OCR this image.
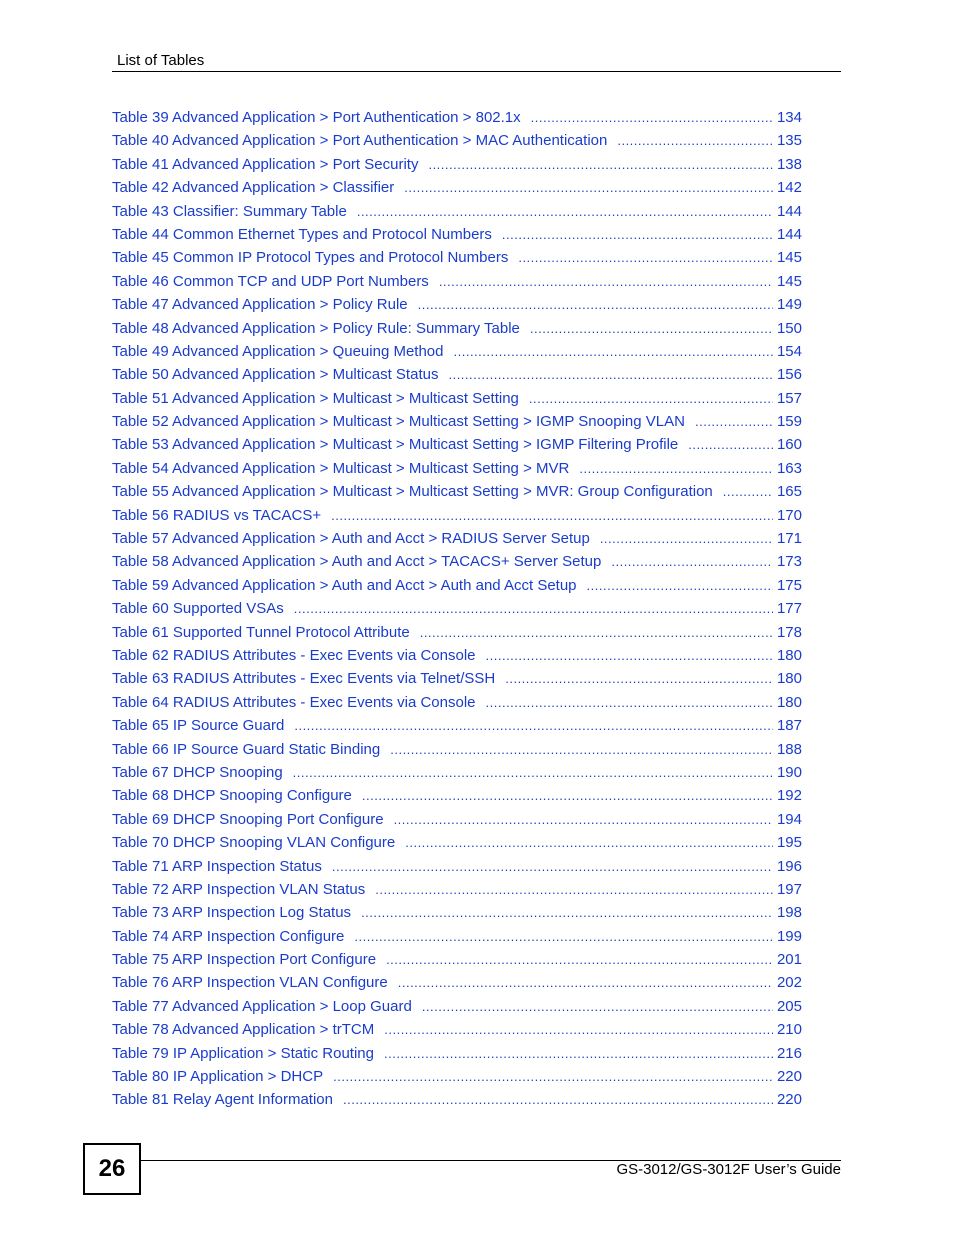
List of Tables
Table 39 Advanced Application > Port Authentication > 802.1x .....	134
Table 40 Advanced Application > Port Authentication > MAC Authentication .....	135
Table 41 Advanced Application > Port Security .....	138
Table 42 Advanced Application > Classifier .....	142
Table 43 Classifier: Summary Table .....	144
Table 44 Common Ethernet Types and Protocol Numbers .....	144
Table 45 Common IP Protocol Types and Protocol Numbers .....	145
Table 46 Common TCP and UDP Port Numbers .....	145
Table 47 Advanced Application > Policy Rule .....	149
Table 48 Advanced Application > Policy Rule: Summary Table .....	150
Table 49 Advanced Application > Queuing Method .....	154
Table 50 Advanced Application > Multicast Status .....	156
Table 51 Advanced Application > Multicast > Multicast Setting .....	157
Table 52 Advanced Application > Multicast > Multicast Setting > IGMP Snooping VLAN .....	159
Table 53 Advanced Application > Multicast > Multicast Setting > IGMP Filtering Profile .....	160
Table 54 Advanced Application > Multicast > Multicast Setting > MVR .....	163
Table 55 Advanced Application > Multicast > Multicast Setting > MVR: Group Configuration .....	165
Table 56 RADIUS vs TACACS+ .....	170
Table 57 Advanced Application > Auth and Acct > RADIUS Server Setup .....	171
Table 58 Advanced Application > Auth and Acct > TACACS+ Server Setup .....	173
Table 59 Advanced Application > Auth and Acct > Auth and Acct Setup .....	175
Table 60 Supported VSAs .....	177
Table 61 Supported Tunnel Protocol Attribute .....	178
Table 62 RADIUS Attributes - Exec Events via Console .....	180
Table 63 RADIUS Attributes - Exec Events via Telnet/SSH .....	180
Table 64 RADIUS Attributes - Exec Events via Console .....	180
Table 65 IP Source Guard .....	187
Table 66 IP Source Guard Static Binding .....	188
Table 67 DHCP Snooping .....	190
Table 68 DHCP Snooping Configure .....	192
Table 69 DHCP Snooping Port Configure .....	194
Table 70 DHCP Snooping VLAN Configure .....	195
Table 71 ARP Inspection Status .....	196
Table 72 ARP Inspection VLAN Status .....	197
Table 73 ARP Inspection Log Status .....	198
Table 74 ARP Inspection Configure .....	199
Table 75 ARP Inspection Port Configure .....	201
Table 76 ARP Inspection VLAN Configure .....	202
Table 77 Advanced Application > Loop Guard .....	205
Table 78 Advanced Application > trTCM .....	210
Table 79 IP Application > Static Routing .....	216
Table 80 IP Application > DHCP .....	220
Table 81 Relay Agent Information .....	220
26	GS-3012/GS-3012F User’s Guide
